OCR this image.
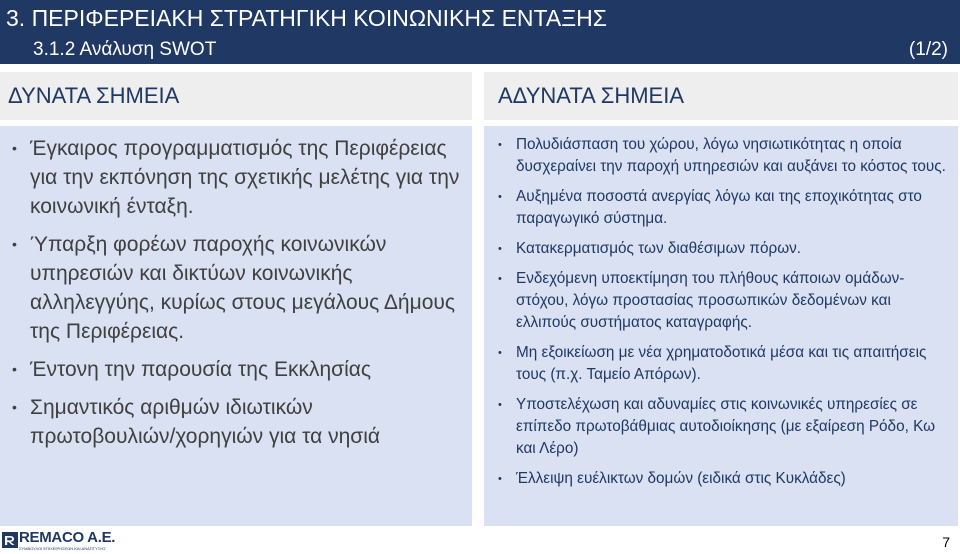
3. ΠΕΡΙΦΕΡΕΙΑΚΗ ΣΤΡΑΤΗΓΙΚΗ ΚΟΙΝΩΝΙΚΗΣ ΕΝΤΑΞΗΣ
3.1.2 Ανάλυση SWOT	(1/2)
ΔΥΝΑΤΑ ΣΗΜΕΙΑ	ΑΔΥΝΑΤΑ ΣΗΜΕΙΑ
• Έγκαιρος προγραμματισμός της Περιφέρειας για την εκπόνηση της σχετικής μελέτης για την κοινωνική ένταξη.
• Ύπαρξη φορέων παροχής κοινωνικών υπηρεσιών και δικτύων κοινωνικής αλληλεγγύης, κυρίως στους μεγάλους Δήμους της Περιφέρειας.
• Έντονη την παρουσία της Εκκλησίας
• Σημαντικός αριθμών ιδιωτικών πρωτοβουλιών/χορηγιών για τα νησιά
• Πολυδιάσπαση του χώρου, λόγω νησιωτικότητας η οποία δυσχεραίνει την παροχή υπηρεσιών και αυξάνει το κόστος τους.
• Αυξημένα ποσοστά ανεργίας λόγω και της εποχικότητας στο παραγωγικό σύστημα.
• Κατακερματισμός των διαθέσιμων πόρων.
• Ενδεχόμενη υποεκτίμηση του πλήθους κάποιων ομάδων-στόχου, λόγω προστασίας προσωπικών δεδομένων και ελλιπούς συστήματος καταγραφής.
• Μη εξοικείωση με νέα χρηματοδοτικά μέσα και τις απαιτήσεις τους (π.χ. Ταμείο Απόρων).
• Υποστελέχωση και αδυναμίες στις κοινωνικές υπηρεσίες σε επίπεδο πρωτοβάθμιας αυτοδιοίκησης (με εξαίρεση Ρόδο, Κω και Λέρο)
• Έλλειψη ευέλικτων δομών (ειδικά στις Κυκλάδες)
REMACO A.E.
ΣΥΜΒΟΥΛΟΙ ΕΠΙΧΕΙΡΗΣΕΩΝ ΚΑΙ ΑΝΑΠΤΥΞΗΣ	7
